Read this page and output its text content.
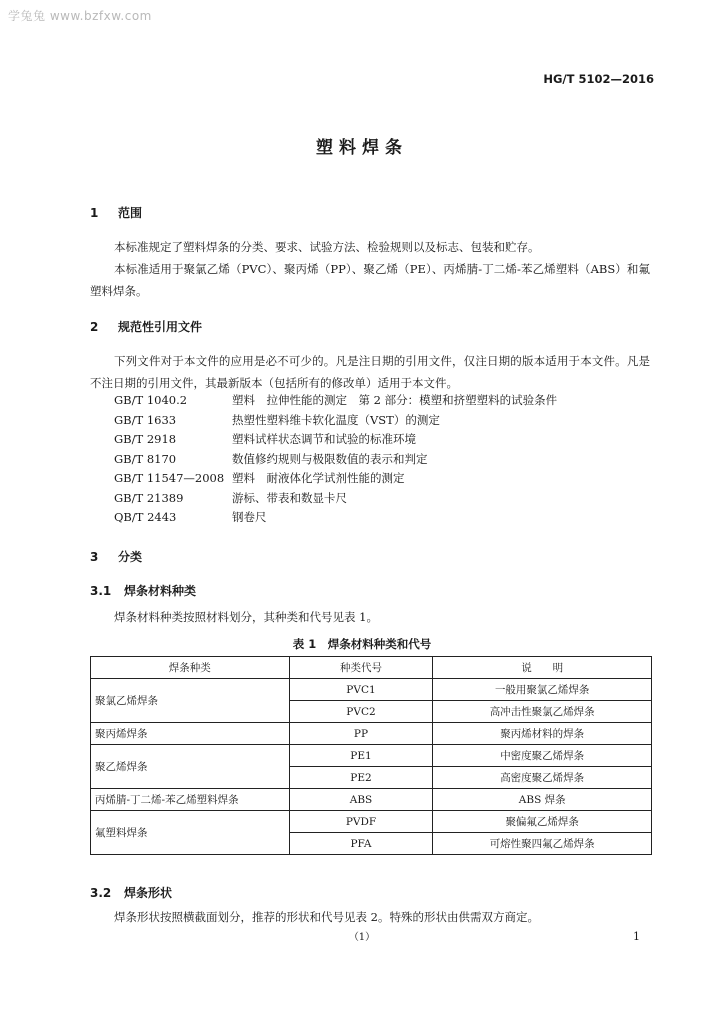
学兔兔 www.bzfxw.com
HG/T 5102—2016
塑料焊条
1 范围

本标准规定了塑料焊条的分类、要求、试验方法、检验规则以及标志、包装和贮存。

本标准适用于聚氯乙烯（PVC）、聚丙烯（PP）、聚乙烯（PE）、丙烯腈-丁二烯-苯乙烯塑料（ABS）和氟塑料焊条。

2 规范性引用文件

下列文件对于本文件的应用是必不可少的。凡是注日期的引用文件，仅注日期的版本适用于本文件。凡是不注日期的引用文件，其最新版本（包括所有的修改单）适用于本文件。

GB/T 1040.2	塑料　拉伸性能的测定　第 2 部分：模塑和挤塑塑料的试验条件
GB/T 1633	热塑性塑料维卡软化温度（VST）的测定
GB/T 2918	塑料试样状态调节和试验的标准环境
GB/T 8170	数值修约规则与极限数值的表示和判定
GB/T 11547—2008 塑料　耐液体化学试剂性能的测定
GB/T 21389	游标、带表和数显卡尺
QB/T 2443	钢卷尺
3 分类
3.1 焊条材料种类

焊条材料种类按照材料划分，其种类和代号见表 1。

表 1　焊条材料种类和代号
焊条种类	种类代号	说　　明
聚氯乙烯焊条	PVC1	一般用聚氯乙烯焊条
	PVC2	高冲击性聚氯乙烯焊条
聚丙烯焊条	PP	聚丙烯材料的焊条
聚乙烯焊条	PE1	中密度聚乙烯焊条
	PE2	高密度聚乙烯焊条
丙烯腈-丁二烯-苯乙烯塑料焊条	ABS	ABS 焊条
氟塑料焊条	PVDF	聚偏氟乙烯焊条
	PFA	可熔性聚四氟乙烯焊条
3.2 焊条形状

焊条形状按照横截面划分，推荐的形状和代号见表 2。特殊的形状由供需双方商定。

（1）	1
